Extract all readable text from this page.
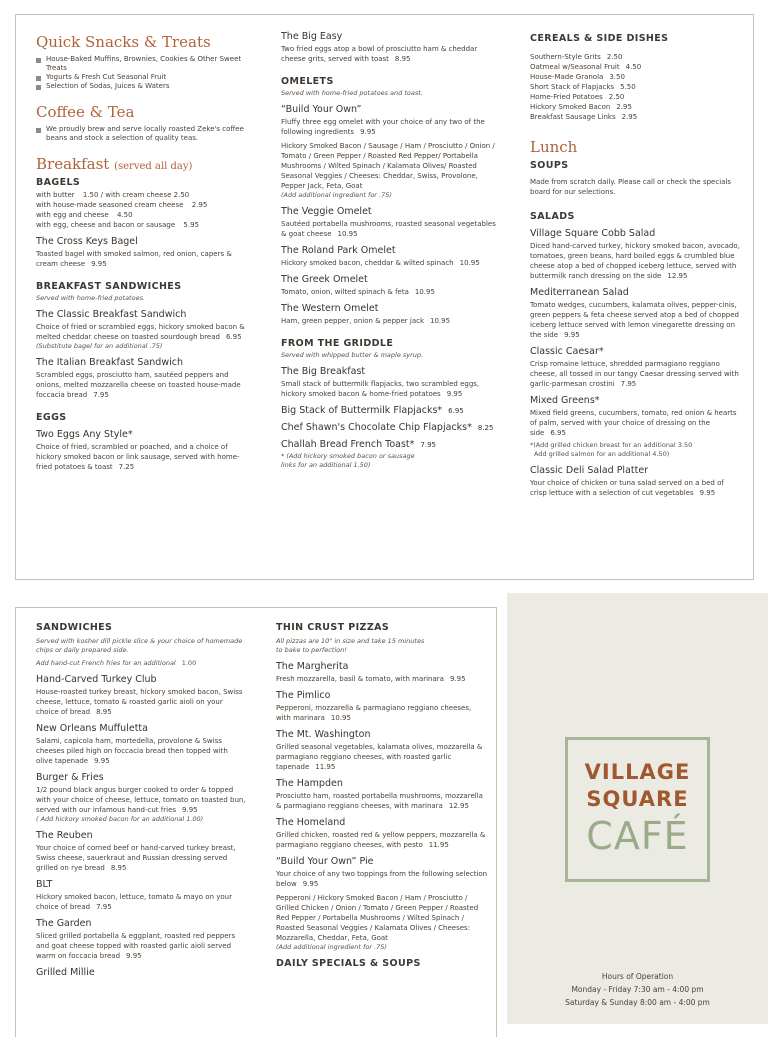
Quick Snacks & Treats

House-Baked Muffins, Brownies, Cookies & Other Sweet Treats

Yogurts & Fresh Cut Seasonal Fruit

Selection of Sodas, Juices & Waters

Coffee & Tea

We proudly brew and serve locally roasted Zeke's coffee beans and stock a selection of quality teas.

Breakfast (served all day)
BAGELS

with butter 1.50 / with cream cheese 2.50

with house-made seasoned cream cheese 2.95

with egg and cheese 4.50

with egg, cheese and bacon or sausage 5.95

The Cross Keys Bagel

Toasted bagel with smoked salmon, red onion, capers & cream cheese 9.95

BREAKFAST SANDWICHES

Served with home-fried potatoes.

The Classic Breakfast Sandwich

Choice of fried or scrambled eggs, hickory smoked bacon & melted cheddar cheese on toasted sourdough bread 6.95

(Substitute bagel for an additional .75)

The Italian Breakfast Sandwich

Scrambled eggs, prosciutto ham, sautéed peppers and onions, melted mozzarella cheese on toasted house-made foccacia bread 7.95

EGGS
Two Eggs Any Style*

Choice of fried, scrambled or poached, and a choice of hickory smoked bacon or link sausage, served with home-fried potatoes & toast 7.25

The Big Easy

Two fried eggs atop a bowl of prosciutto ham & cheddar cheese grits, served with toast 8.95

OMELETS

Served with home-fried potatoes and toast.

“Build Your Own”

Fluffy three egg omelet with your choice of any two of the following ingredients 9.95

Hickory Smoked Bacon / Sausage / Ham / Prosciutto / Onion / Tomato / Green Pepper / Roasted Red Pepper/ Portabella Mushrooms / Wilted Spinach / Kalamata Olives/ Roasted Seasonal Veggies / Cheeses: Cheddar, Swiss, Provolone, Pepper Jack, Feta, Goat

(Add additional ingredient for .75)

The Veggie Omelet

Sautéed portabella mushrooms, roasted seasonal vegetables & goat cheese 10.95

The Roland Park Omelet

Hickory smoked bacon, cheddar & wilted spinach 10.95

The Greek Omelet

Tomato, onion, wilted spinach & feta 10.95

The Western Omelet

Ham, green pepper, onion & pepper jack 10.95

FROM THE GRIDDLE

Served with whipped butter & maple syrup.

The Big Breakfast

Small stack of buttermilk flapjacks, two scrambled eggs, hickory smoked bacon & home-fried potatoes 9.95

Big Stack of Buttermilk Flapjacks* 6.95
Chef Shawn's Chocolate Chip Flapjacks* 8.25
Challah Bread French Toast* 7.95

* (Add hickory smoked bacon or sausage links for an additional 1.50)

CEREALS & SIDE DISHES

Southern-Style Grits 2.50

Oatmeal w/Seasonal Fruit 4.50

House-Made Granola 3.50

Short Stack of Flapjacks 5.50

Home-Fried Potatoes 2.50

Hickory Smoked Bacon 2.95

Breakfast Sausage Links 2.95

Lunch
SOUPS

Made from scratch daily. Please call or check the specials board for our selections.

SALADS
Village Square Cobb Salad

Diced hand-carved turkey, hickory smoked bacon, avocado, tomatoes, green beans, hard boiled eggs & crumbled blue cheese atop a bed of chopped iceberg lettuce, served with buttermilk ranch dressing on the side 12.95

Mediterranean Salad

Tomato wedges, cucumbers, kalamata olives, pepper-cinis, green peppers & feta cheese served atop a bed of chopped iceberg lettuce served with lemon vinegarette dressing on the side 9.95

Classic Caesar*

Crisp romaine lettuce, shredded parmagiano reggiano cheese, all tossed in our tangy Caesar dressing served with garlic-parmesan crostini 7.95

Mixed Greens*

Mixed field greens, cucumbers, tomato, red onion & hearts of palm, served with your choice of dressing on the side 6.95

*(Add grilled chicken breast for an additional 3.50

Add grilled salmon for an additional 4.50)

Classic Deli Salad Platter

Your choice of chicken or tuna salad served on a bed of crisp lettuce with a selection of cut vegetables 9.95

SANDWICHES

Served with kosher dill pickle slice & your choice of homemade chips or daily prepared side.

Add hand-cut French fries for an additional 1.00

Hand-Carved Turkey Club

House-roasted turkey breast, hickory smoked bacon, Swiss cheese, lettuce, tomato & roasted garlic aioli on your choice of bread 8.95

New Orleans Muffuletta

Salami, capicola ham, mortedella, provolone & Swiss cheeses piled high on foccacia bread then topped with olive tapenade 9.95

Burger & Fries

1/2 pound black angus burger cooked to order & topped with your choice of cheese, lettuce, tomato on toasted bun, served with our infamous hand-cut fries 9.95

( Add hickory smoked bacon for an additional 1.00)

The Reuben

Your choice of corned beef or hand-carved turkey breast, Swiss cheese, sauerkraut and Russian dressing served grilled on rye bread 8.95

BLT

Hickory smoked bacon, lettuce, tomato & mayo on your choice of bread 7.95

The Garden

Sliced grilled portabella & eggplant, roasted red peppers and goat cheese topped with roasted garlic aioli served warm on foccacia bread 9.95

Grilled Millie
THIN CRUST PIZZAS

All pizzas are 10" in size and take 15 minutes to bake to perfection!

The Margherita

Fresh mozzarella, basil & tomato, with marinara 9.95

The Pimlico

Pepperoni, mozzarella & parmagiano reggiano cheeses, with marinara 10.95

The Mt. Washington

Grilled seasonal vegetables, kalamata olives, mozzarella & parmagiano reggiano cheeses, with roasted garlic tapenade 11.95

The Hampden

Prosciutto ham, roasted portabella mushrooms, mozzarella & parmagiano reggiano cheeses, with marinara 12.95

The Homeland

Grilled chicken, roasted red & yellow peppers, mozzarella & parmagiano reggiano cheeses, with pesto 11.95

“Build Your Own” Pie

Your choice of any two toppings from the following selection below 9.95

Pepperoni / Hickory Smoked Bacon / Ham / Prosciutto / Grilled Chicken / Onion / Tomato / Green Pepper / Roasted Red Pepper / Portabella Mushrooms / Wilted Spinach / Roasted Seasonal Veggies / Kalamata Olives / Cheeses: Mozzarella, Cheddar, Feta, Goat

(Add additional ingredient for .75)

DAILY SPECIALS & SOUPS
VILLAGE
SQUARE
CAFÉ
Hours of Operation
Monday - Friday 7:30 am - 4:00 pm
Saturday & Sunday 8:00 am - 4:00 pm
